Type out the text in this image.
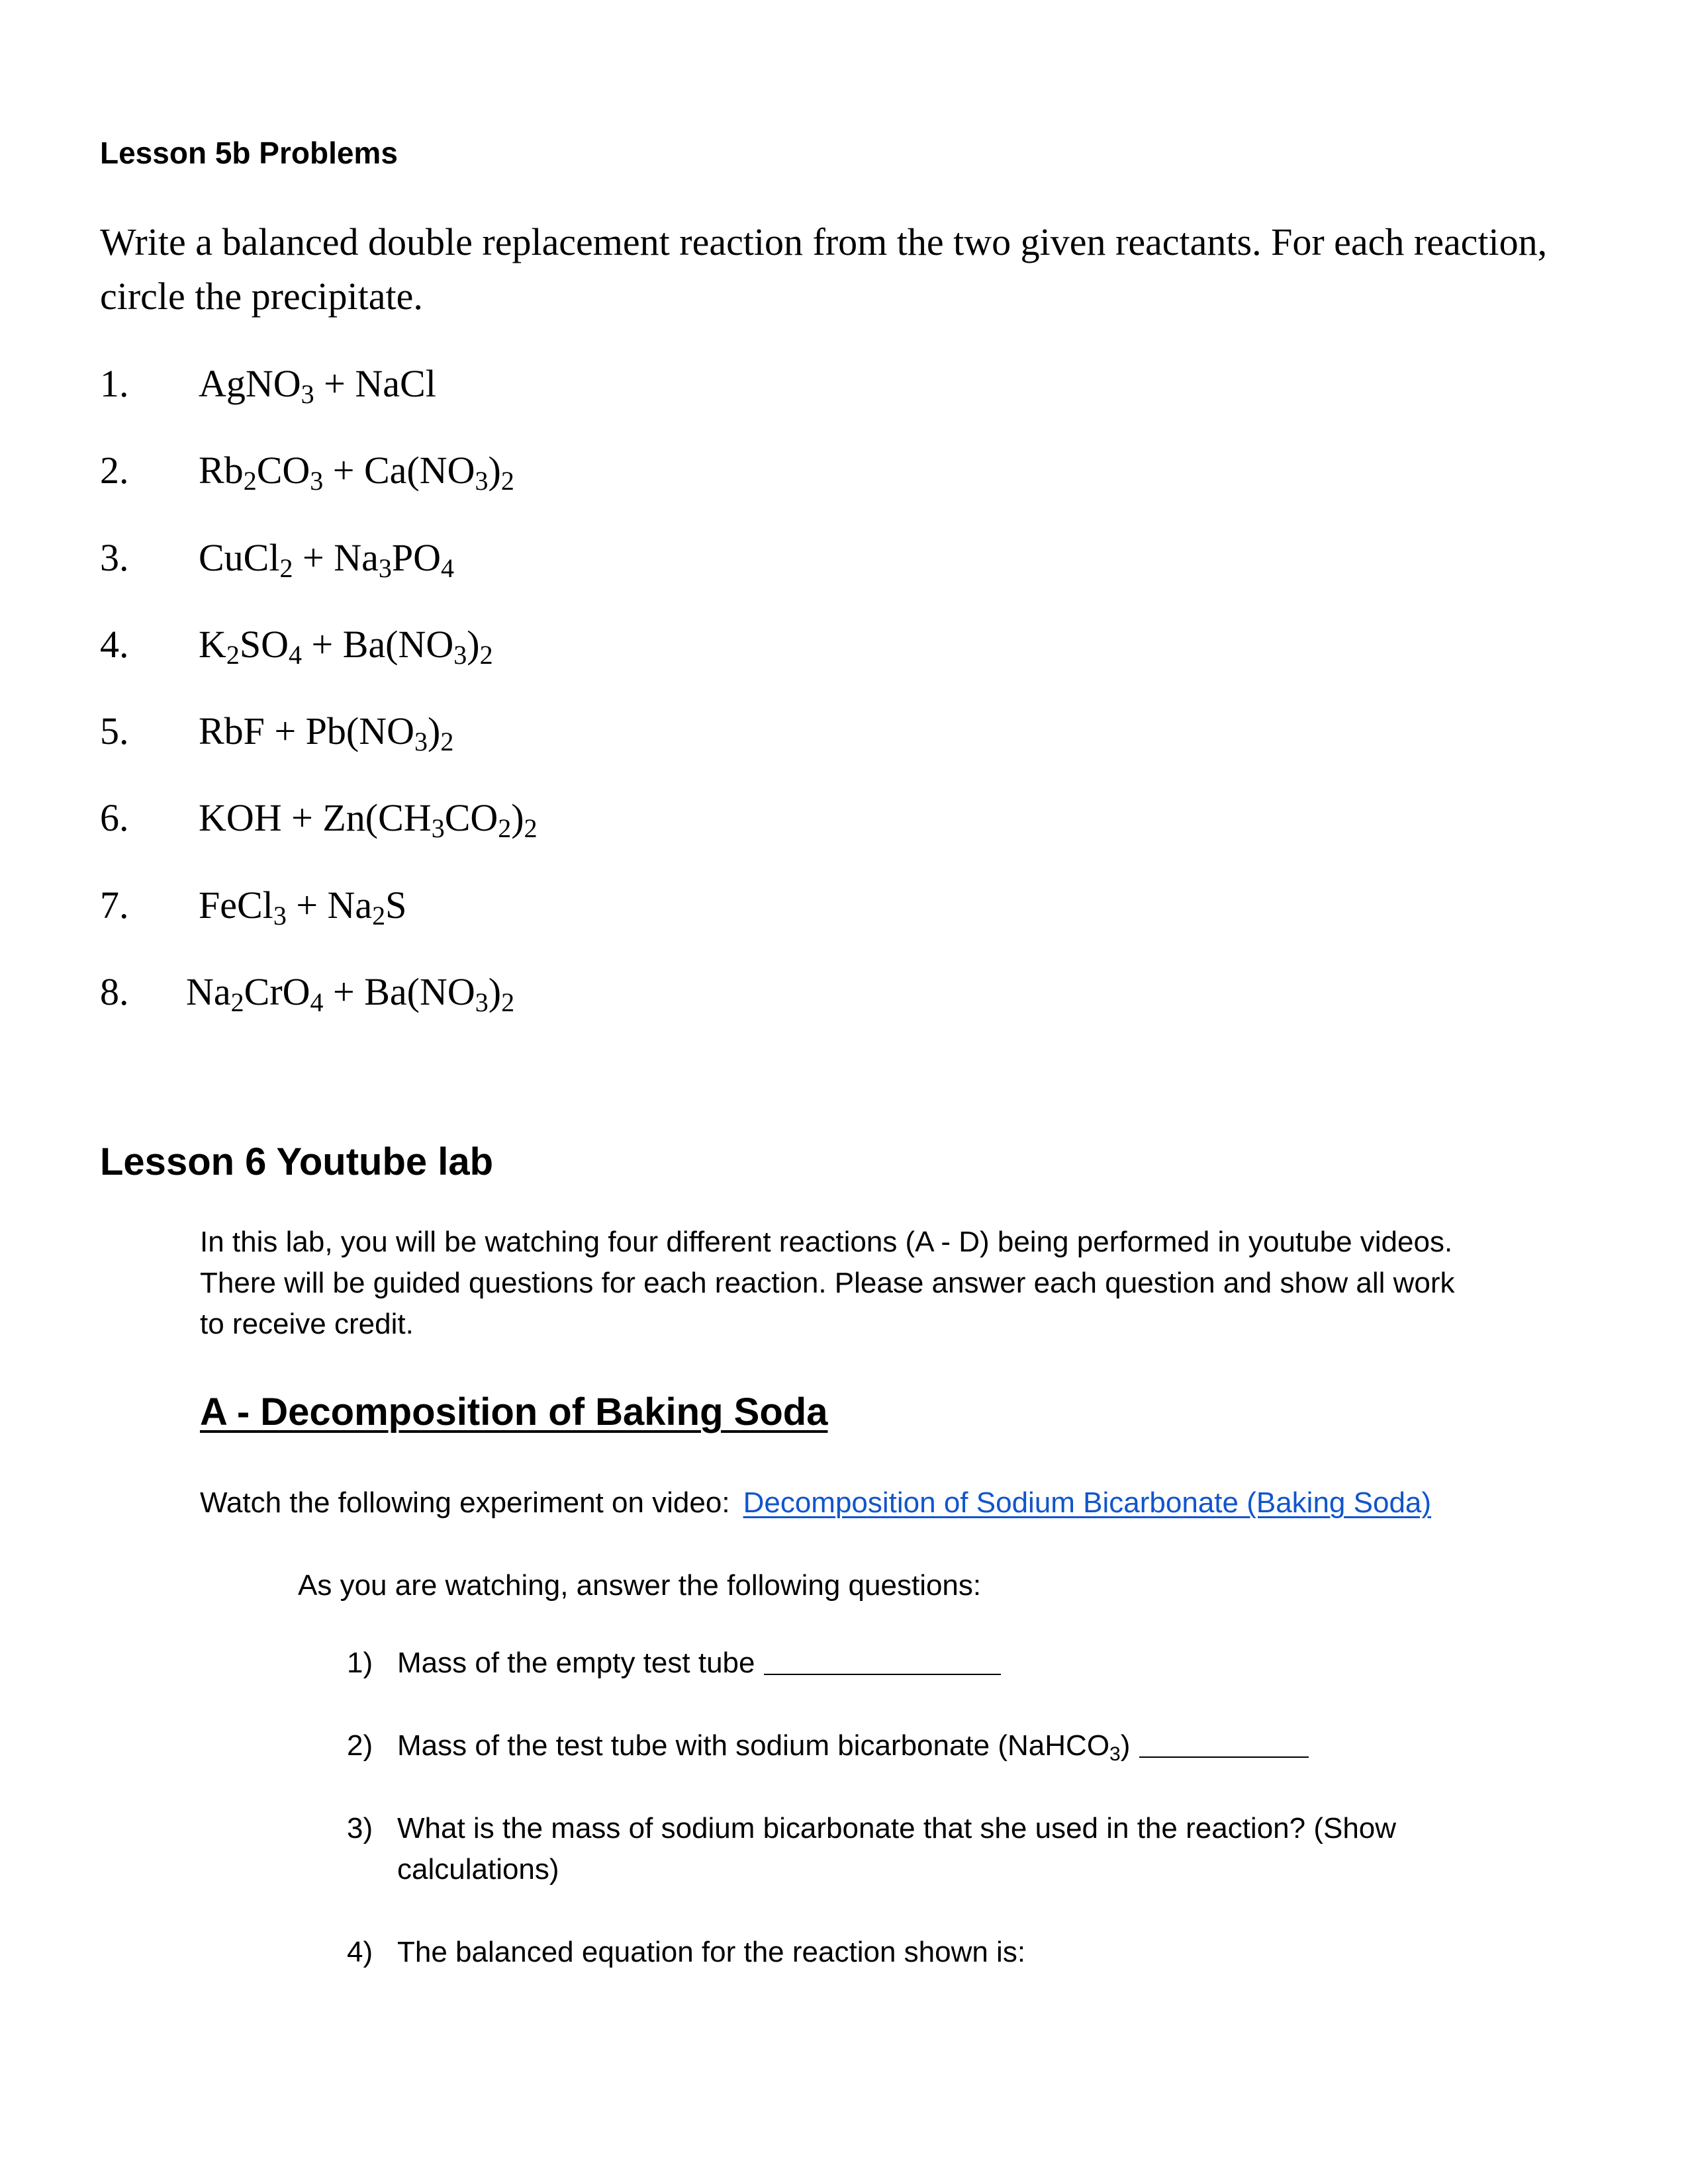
Lesson 5b Problems
Write a balanced double replacement reaction from the two given reactants. For each reaction, circle the precipitate.
1. AgNO$_3$ + NaCl
2. $Rb_2CO_3 + Ca(NO_3)_2$
3. CuCl$_2$ + $Na_3PO_4$
4. $K_2SO_4 + Ba(NO_3)_2$
5. RbF + $Pb(NO_3)_2$
6. KOH + $Zn(CH_3CO_2)_2$
7. FeCl$_3$ + $Na_2S$
8. $Na_2CrO_4 + Ba(NO_3)_2$
Lesson 6 Youtube lab
In this lab, you will be watching four different reactions (A - D) being performed in youtube videos. There will be guided questions for each reaction. Please answer each question and show all work to receive credit.
A - Decomposition of Baking Soda
Watch the following experiment on video: Decomposition of Sodium Bicarbonate (Baking Soda)
As you are watching, answer the following questions:
1) Mass of the empty test tube
2) Mass of the test tube with sodium bicarbonate (NaHCO$_3$)
3) What is the mass of sodium bicarbonate that she used in the reaction? (Show calculations)
4) The balanced equation for the reaction shown is:
